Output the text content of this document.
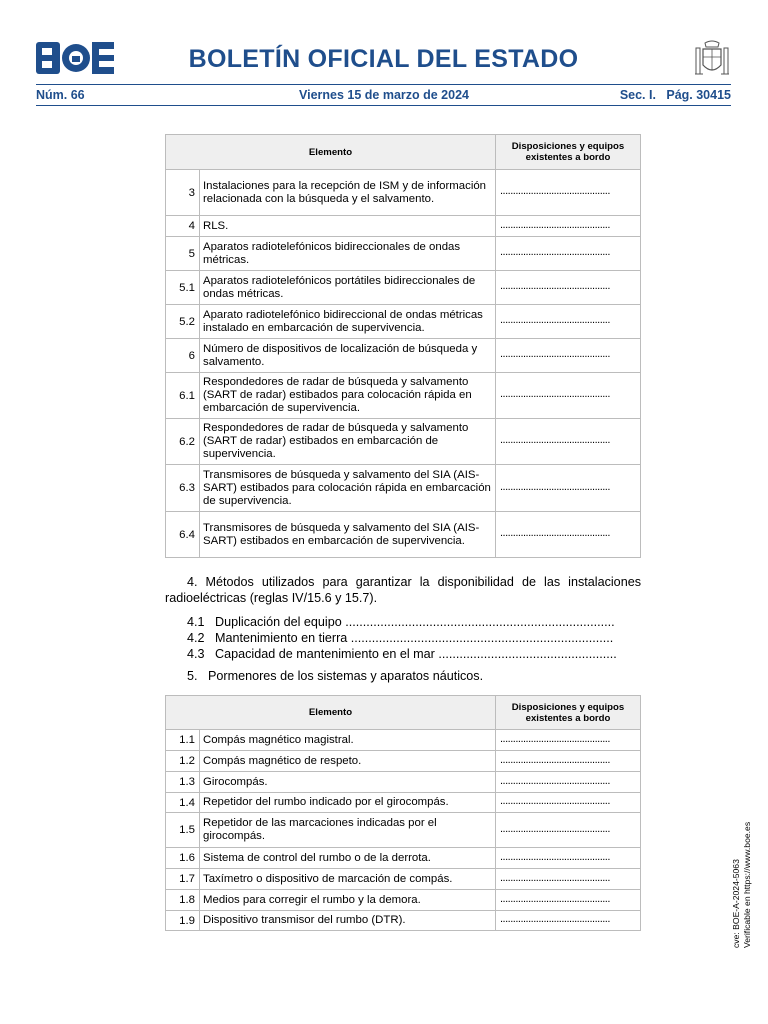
BOLETÍN OFICIAL DEL ESTADO
Núm. 66	Viernes 15 de marzo de 2024	Sec. I.   Pág. 30415
Elemento		Disposiciones y equipos existentes a bordo
3	Instalaciones para la recepción de ISM y de información relacionada con la búsqueda y el salvamento.	...........................................
4	RLS.	...........................................
5	Aparatos radiotelefónicos bidireccionales de ondas métricas.	...........................................
5.1	Aparatos radiotelefónicos portátiles bidireccionales de ondas métricas.	...........................................
5.2	Aparato radiotelefónico bidireccional de ondas métricas instalado en embarcación de supervivencia.	...........................................
6	Número de dispositivos de localización de búsqueda y salvamento.	...........................................
6.1	Respondedores de radar de búsqueda y salvamento (SART de radar) estibados para colocación rápida en embarcación de supervivencia.	...........................................
6.2	Respondedores de radar de búsqueda y salvamento (SART de radar) estibados en embarcación de supervivencia.	...........................................
6.3	Transmisores de búsqueda y salvamento del SIA (AIS-SART) estibados para colocación rápida en embarcación de supervivencia.	...........................................
6.4	Transmisores de búsqueda y salvamento del SIA (AIS-SART) estibados en embarcación de supervivencia.	...........................................
4. Métodos utilizados para garantizar la disponibilidad de las instalaciones radioeléctricas (reglas IV/15.6 y 15.7).
4.1   Duplicación del equipo .............................................................................
4.2   Mantenimiento en tierra ...........................................................................
4.3   Capacidad de mantenimiento en el mar ...................................................
5.   Pormenores de los sistemas y aparatos náuticos.
Elemento		Disposiciones y equipos existentes a bordo
1.1	Compás magnético magistral.	...........................................
1.2	Compás magnético de respeto.	...........................................
1.3	Girocompás.	...........................................
1.4	Repetidor del rumbo indicado por el girocompás.	...........................................
1.5	Repetidor de las marcaciones indicadas por el girocompás.	...........................................
1.6	Sistema de control del rumbo o de la derrota.	...........................................
1.7	Taxímetro o dispositivo de marcación de compás.	...........................................
1.8	Medios para corregir el rumbo y la demora.	...........................................
1.9	Dispositivo transmisor del rumbo (DTR).	...........................................	cve: BOE-A-2024-5063 Verificable en https://www.boe.es
